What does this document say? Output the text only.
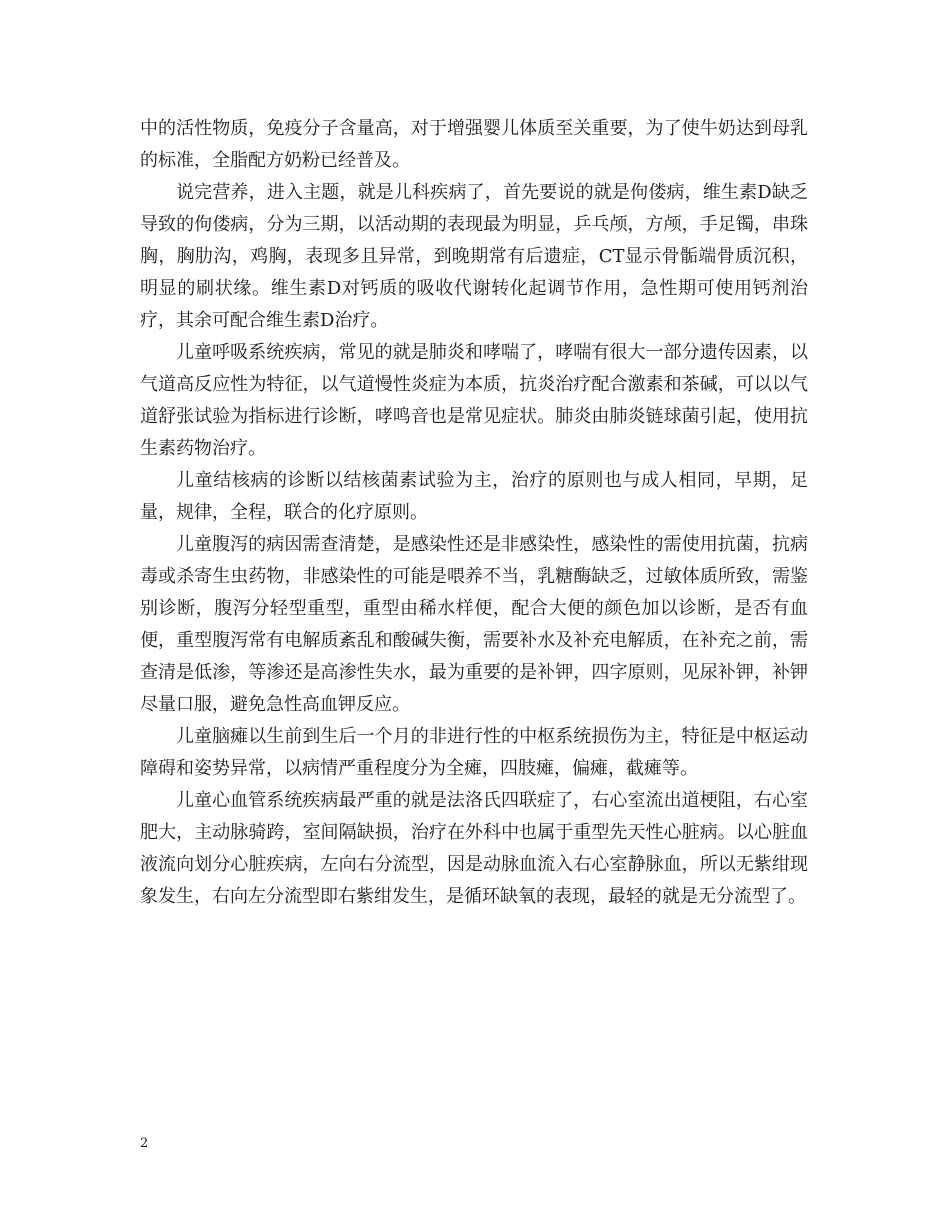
中的活性物质，免疫分子含量高，对于增强婴儿体质至关重要，为了使牛奶达到母乳的标准，全脂配方奶粉已经普及。

说完营养，进入主题，就是儿科疾病了，首先要说的就是佝偻病，维生素D缺乏导致的佝偻病，分为三期，以活动期的表现最为明显，乒乓颅，方颅，手足镯，串珠胸，胸肋沟，鸡胸，表现多且异常，到晚期常有后遗症，CT显示骨骺端骨质沉积，明显的刷状缘。维生素D对钙质的吸收代谢转化起调节作用，急性期可使用钙剂治疗，其余可配合维生素D治疗。

儿童呼吸系统疾病，常见的就是肺炎和哮喘了，哮喘有很大一部分遗传因素，以气道高反应性为特征，以气道慢性炎症为本质，抗炎治疗配合激素和茶碱，可以以气道舒张试验为指标进行诊断，哮鸣音也是常见症状。肺炎由肺炎链球菌引起，使用抗生素药物治疗。

儿童结核病的诊断以结核菌素试验为主，治疗的原则也与成人相同，早期，足量，规律，全程，联合的化疗原则。

儿童腹泻的病因需查清楚，是感染性还是非感染性，感染性的需使用抗菌，抗病毒或杀寄生虫药物，非感染性的可能是喂养不当，乳糖酶缺乏，过敏体质所致，需鉴别诊断，腹泻分轻型重型，重型由稀水样便，配合大便的颜色加以诊断，是否有血便，重型腹泻常有电解质紊乱和酸碱失衡，需要补水及补充电解质，在补充之前，需查清是低渗，等渗还是高渗性失水，最为重要的是补钾，四字原则，见尿补钾，补钾尽量口服，避免急性高血钾反应。

儿童脑瘫以生前到生后一个月的非进行性的中枢系统损伤为主，特征是中枢运动障碍和姿势异常，以病情严重程度分为全瘫，四肢瘫，偏瘫，截瘫等。

儿童心血管系统疾病最严重的就是法洛氏四联症了，右心室流出道梗阻，右心室肥大，主动脉骑跨，室间隔缺损，治疗在外科中也属于重型先天性心脏病。以心脏血液流向划分心脏疾病，左向右分流型，因是动脉血流入右心室静脉血，所以无紫绀现象发生，右向左分流型即右紫绀发生，是循环缺氧的表现，最轻的就是无分流型了。

2
